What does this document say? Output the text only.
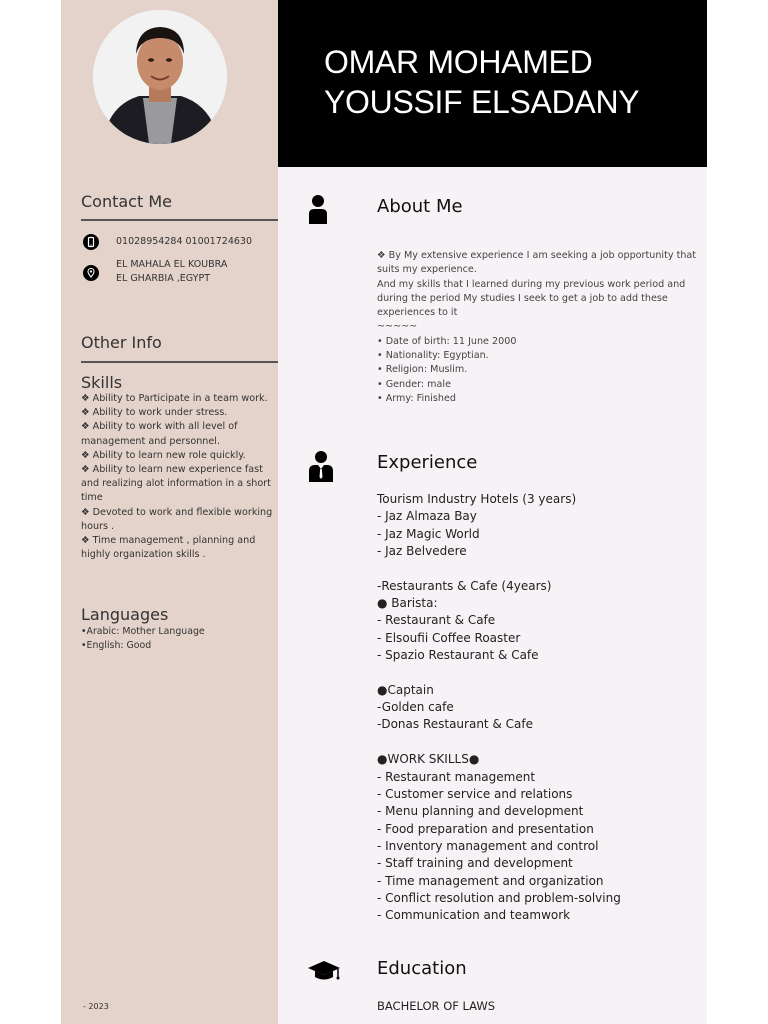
Contact Me
01028954284 01001724630
EL MAHALA EL KOUBRA
EL GHARBIA ,EGYPT
Other Info
Skills
❖ Ability to Participate in a team work.
❖ Ability to work under stress.
❖ Ability to work with all level of management and personnel.
❖ Ability to learn new role quickly.
❖ Ability to learn new experience fast and realizing alot information in a short time
❖ Devoted to work and flexible working hours .
❖ Time management , planning and highly organization skills .
Languages
•Arabic: Mother Language
•English: Good
- 2023
About Me
❖ By My extensive experience I am seeking a job opportunity that suits my experience.
And my skills that I learned during my previous work period and during the period My studies I seek to get a job to add these experiences to it
~~~~~
• Date of birth: 11 June 2000
• Nationality: Egyptian.
• Religion: Muslim.
• Gender: male
• Army: Finished
Experience
Tourism Industry Hotels (3 years)
- Jaz Almaza Bay
- Jaz Magic World
- Jaz Belvedere
-Restaurants & Cafe (4years)
● Barista:
- Restaurant & Cafe
- Elsoufii Coffee Roaster
- Spazio Restaurant & Cafe
●Captain
-Golden cafe
-Donas Restaurant & Cafe
●WORK SKILLS●
- Restaurant management
- Customer service and relations
- Menu planning and development
- Food preparation and presentation
- Inventory management and control
- Staff training and development
- Time management and organization
- Conflict resolution and problem-solving
- Communication and teamwork
Education
BACHELOR OF LAWS
OMAR MOHAMED
YOUSSIF ELSADANY
